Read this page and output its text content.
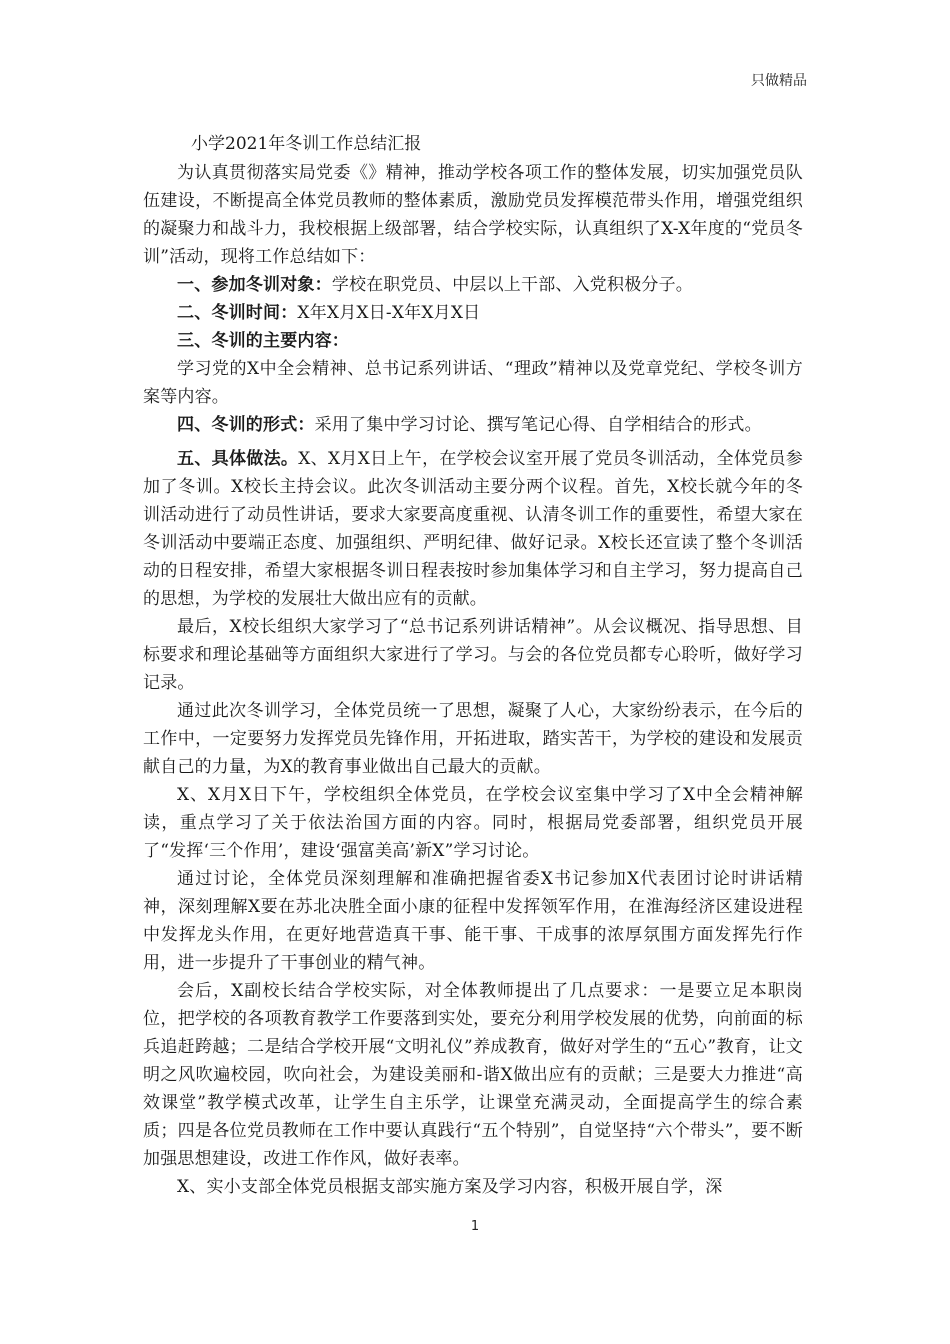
只做精品

小学2021年冬训工作总结汇报

为认真贯彻落实局党委《》精神，推动学校各项工作的整体发展，切实加强党员队伍建设，不断提高全体党员教师的整体素质，激励党员发挥模范带头作用，增强党组织的凝聚力和战斗力，我校根据上级部署，结合学校实际，认真组织了X-X年度的“党员冬训”活动，现将工作总结如下：

一、参加冬训对象：学校在职党员、中层以上干部、入党积极分子。

二、冬训时间：X年X月X日-X年X月X日

三、冬训的主要内容：

学习党的X中全会精神、总书记系列讲话、“理政”精神以及党章党纪、学校冬训方案等内容。

四、冬训的形式：采用了集中学习讨论、撰写笔记心得、自学相结合的形式。

五、具体做法。X、X月X日上午，在学校会议室开展了党员冬训活动，全体党员参加了冬训。X校长主持会议。此次冬训活动主要分两个议程。首先，X校长就今年的冬训活动进行了动员性讲话，要求大家要高度重视、认清冬训工作的重要性，希望大家在冬训活动中要端正态度、加强组织、严明纪律、做好记录。X校长还宣读了整个冬训活动的日程安排，希望大家根据冬训日程表按时参加集体学习和自主学习，努力提高自己的思想，为学校的发展壮大做出应有的贡献。

最后，X校长组织大家学习了“总书记系列讲话精神”。从会议概况、指导思想、目标要求和理论基础等方面组织大家进行了学习。与会的各位党员都专心聆听，做好学习记录。

通过此次冬训学习，全体党员统一了思想，凝聚了人心，大家纷纷表示，在今后的工作中，一定要努力发挥党员先锋作用，开拓进取，踏实苦干，为学校的建设和发展贡献自己的力量，为X的教育事业做出自己最大的贡献。

X、X月X日下午，学校组织全体党员，在学校会议室集中学习了X中全会精神解读，重点学习了关于依法治国方面的内容。同时，根据局党委部署，组织党员开展了“发挥‘三个作用’，建设‘强富美高’新X”学习讨论。

通过讨论，全体党员深刻理解和准确把握省委X书记参加X代表团讨论时讲话精神，深刻理解X要在苏北决胜全面小康的征程中发挥领军作用，在淮海经济区建设进程中发挥龙头作用，在更好地营造真干事、能干事、干成事的浓厚氛围方面发挥先行作用，进一步提升了干事创业的精气神。

会后，X副校长结合学校实际，对全体教师提出了几点要求：一是要立足本职岗位，把学校的各项教育教学工作要落到实处，要充分利用学校发展的优势，向前面的标兵追赶跨越；二是结合学校开展“文明礼仪”养成教育，做好对学生的“五心”教育，让文明之风吹遍校园，吹向社会，为建设美丽和-谐X做出应有的贡献；三是要大力推进“高效课堂”教学模式改革，让学生自主乐学，让课堂充满灵动，全面提高学生的综合素质；四是各位党员教师在工作中要认真践行“五个特别”，自觉坚持“六个带头”，要不断加强思想建设，改进工作作风，做好表率。

X、实小支部全体党员根据支部实施方案及学习内容，积极开展自学，深

1
